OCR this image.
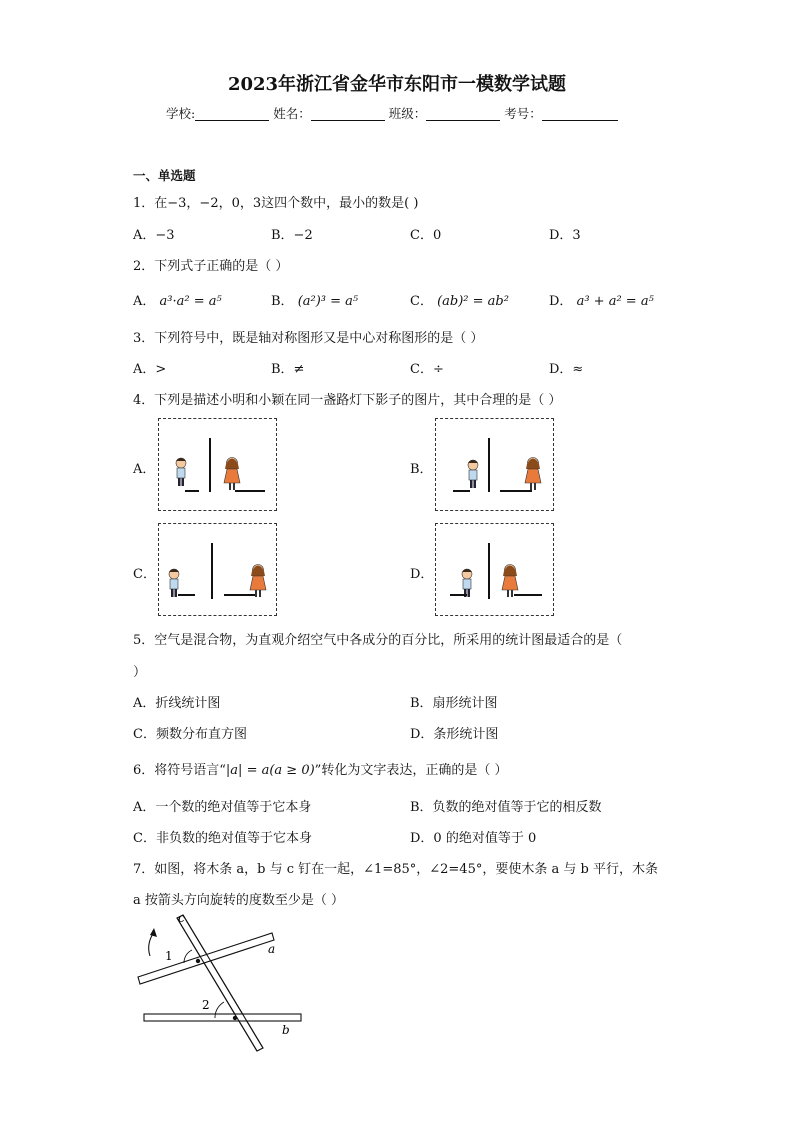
2023年浙江省金华市东阳市一模数学试题
学校:	姓名：	班级：	考号：
一、单选题
1．在−3，−2，0，3这四个数中，最小的数是( )
A．−3	B．−2	C．0	D．3
2．下列式子正确的是（ ）
A． a³·a² = a⁵	B． (a²)³ = a⁵	C． (ab)² = ab²	D． a³ + a² = a⁵
3．下列符号中，既是轴对称图形又是中心对称图形的是（ ）
A．>	B．≠	C．÷	D．≈
4．下列是描述小明和小颖在同一盏路灯下影子的图片，其中合理的是（ ）
A．	B．
C．	D．
5．空气是混合物，为直观介绍空气中各成分的百分比，所采用的统计图最适合的是（
）
A．折线统计图	B．扇形统计图
C．频数分布直方图	D．条形统计图
6．将符号语言“|a| = a(a ≥ 0)”转化为文字表达，正确的是（ ）
A．一个数的绝对值等于它本身	B．负数的绝对值等于它的相反数
C．非负数的绝对值等于它本身	D．0 的绝对值等于 0
7．如图，将木条 a，b 与 c 钉在一起，∠1=85°，∠2=45°，要使木条 a 与 b 平行，木条
a 按箭头方向旋转的度数至少是（ ）
c
a
b
1
2
